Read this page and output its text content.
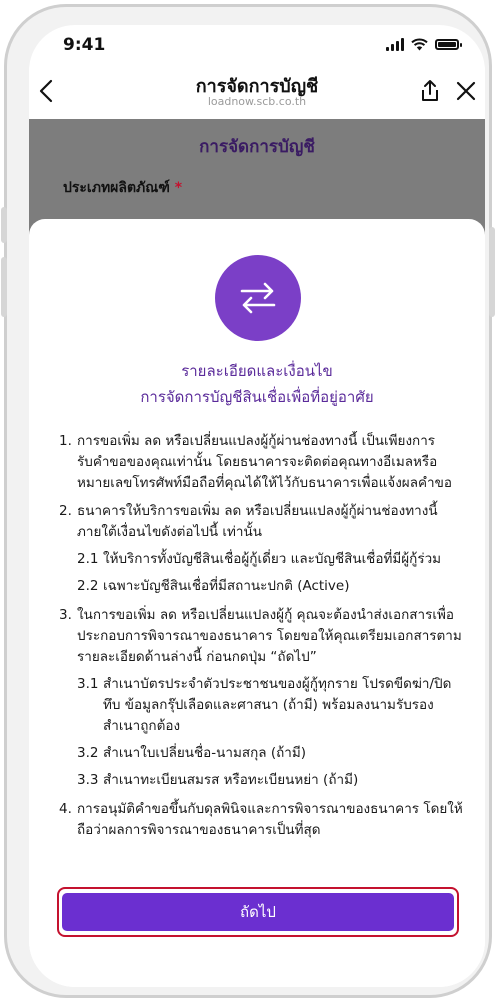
9:41
การจัดการบัญชี
loadnow.scb.co.th
การจัดการบัญชี
ประเภทผลิตภัณฑ์ *
รายละเอียดและเงื่อนไข
การจัดการบัญชีสินเชื่อเพื่อที่อยู่อาศัย
1. การขอเพิ่ม ลด หรือเปลี่ยนแปลงผู้กู้ผ่านช่องทางนี้ เป็นเพียงการรับคำขอของคุณเท่านั้น โดยธนาคารจะติดต่อคุณทางอีเมลหรือหมายเลขโทรศัพท์มือถือที่คุณได้ให้ไว้กับธนาคารเพื่อแจ้งผลคำขอ
2. ธนาคารให้บริการขอเพิ่ม ลด หรือเปลี่ยนแปลงผู้กู้ผ่านช่องทางนี้ ภายใต้เงื่อนไขดังต่อไปนี้ เท่านั้น
2.1 ให้บริการทั้งบัญชีสินเชื่อผู้กู้เดี่ยว และบัญชีสินเชื่อที่มีผู้กู้ร่วม
2.2 เฉพาะบัญชีสินเชื่อที่มีสถานะปกติ (Active)
3. ในการขอเพิ่ม ลด หรือเปลี่ยนแปลงผู้กู้ คุณจะต้องนำส่งเอกสารเพื่อประกอบการพิจารณาของธนาคาร โดยขอให้คุณเตรียมเอกสารตามรายละเอียดด้านล่างนี้ ก่อนกดปุ่ม “ถัดไป”
3.1 สำเนาบัตรประจำตัวประชาชนของผู้กู้ทุกราย โปรดขีดฆ่า/ปิดทึบ ข้อมูลกรุ๊ปเลือดและศาสนา (ถ้ามี) พร้อมลงนามรับรองสำเนาถูกต้อง
3.2 สำเนาใบเปลี่ยนชื่อ-นามสกุล (ถ้ามี)
3.3 สำเนาทะเบียนสมรส หรือทะเบียนหย่า (ถ้ามี)
4. การอนุมัติคำขอขึ้นกับดุลพินิจและการพิจารณาของธนาคาร โดยให้ถือว่าผลการพิจารณาของธนาคารเป็นที่สุด
ถัดไป
